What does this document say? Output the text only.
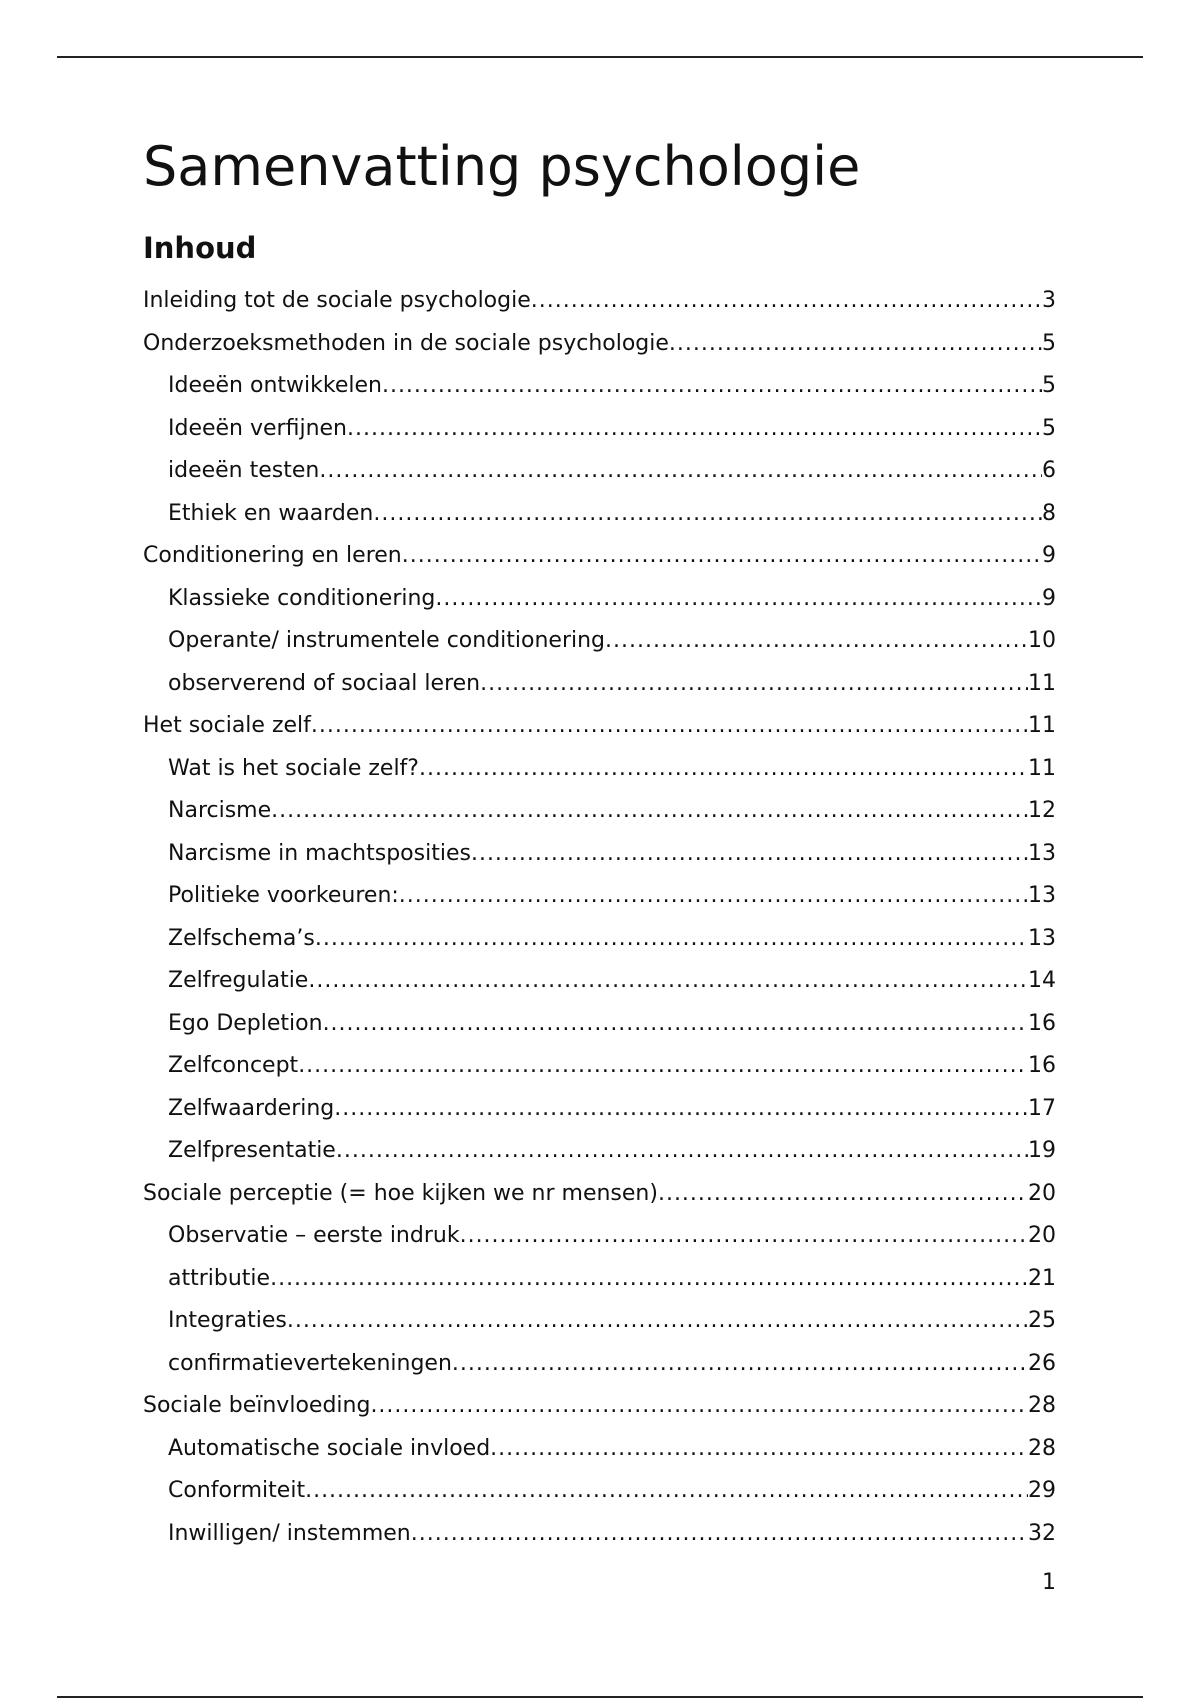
Samenvatting psychologie
Inhoud
Inleiding tot de sociale psychologie .....	3
Onderzoeksmethoden in de sociale psychologie .....	5
Ideeën ontwikkelen .....	5
Ideeën verfijnen .....	5
ideeën testen .....	6
Ethiek en waarden .....	8
Conditionering en leren .....	9
Klassieke conditionering .....	9
Operante/ instrumentele conditionering .....	10
observerend of sociaal leren .....	11
Het sociale zelf .....	11
Wat is het sociale zelf? .....	11
Narcisme .....	12
Narcisme in machtsposities .....	13
Politieke voorkeuren: .....	13
Zelfschema’s .....	13
Zelfregulatie .....	14
Ego Depletion .....	16
Zelfconcept .....	16
Zelfwaardering .....	17
Zelfpresentatie .....	19
Sociale perceptie (= hoe kijken we nr mensen) .....	20
Observatie – eerste indruk .....	20
attributie .....	21
Integraties .....	25
confirmatievertekeningen .....	26
Sociale beïnvloeding .....	28
Automatische sociale invloed .....	28
Conformiteit .....	29
Inwilligen/ instemmen .....	32
1
